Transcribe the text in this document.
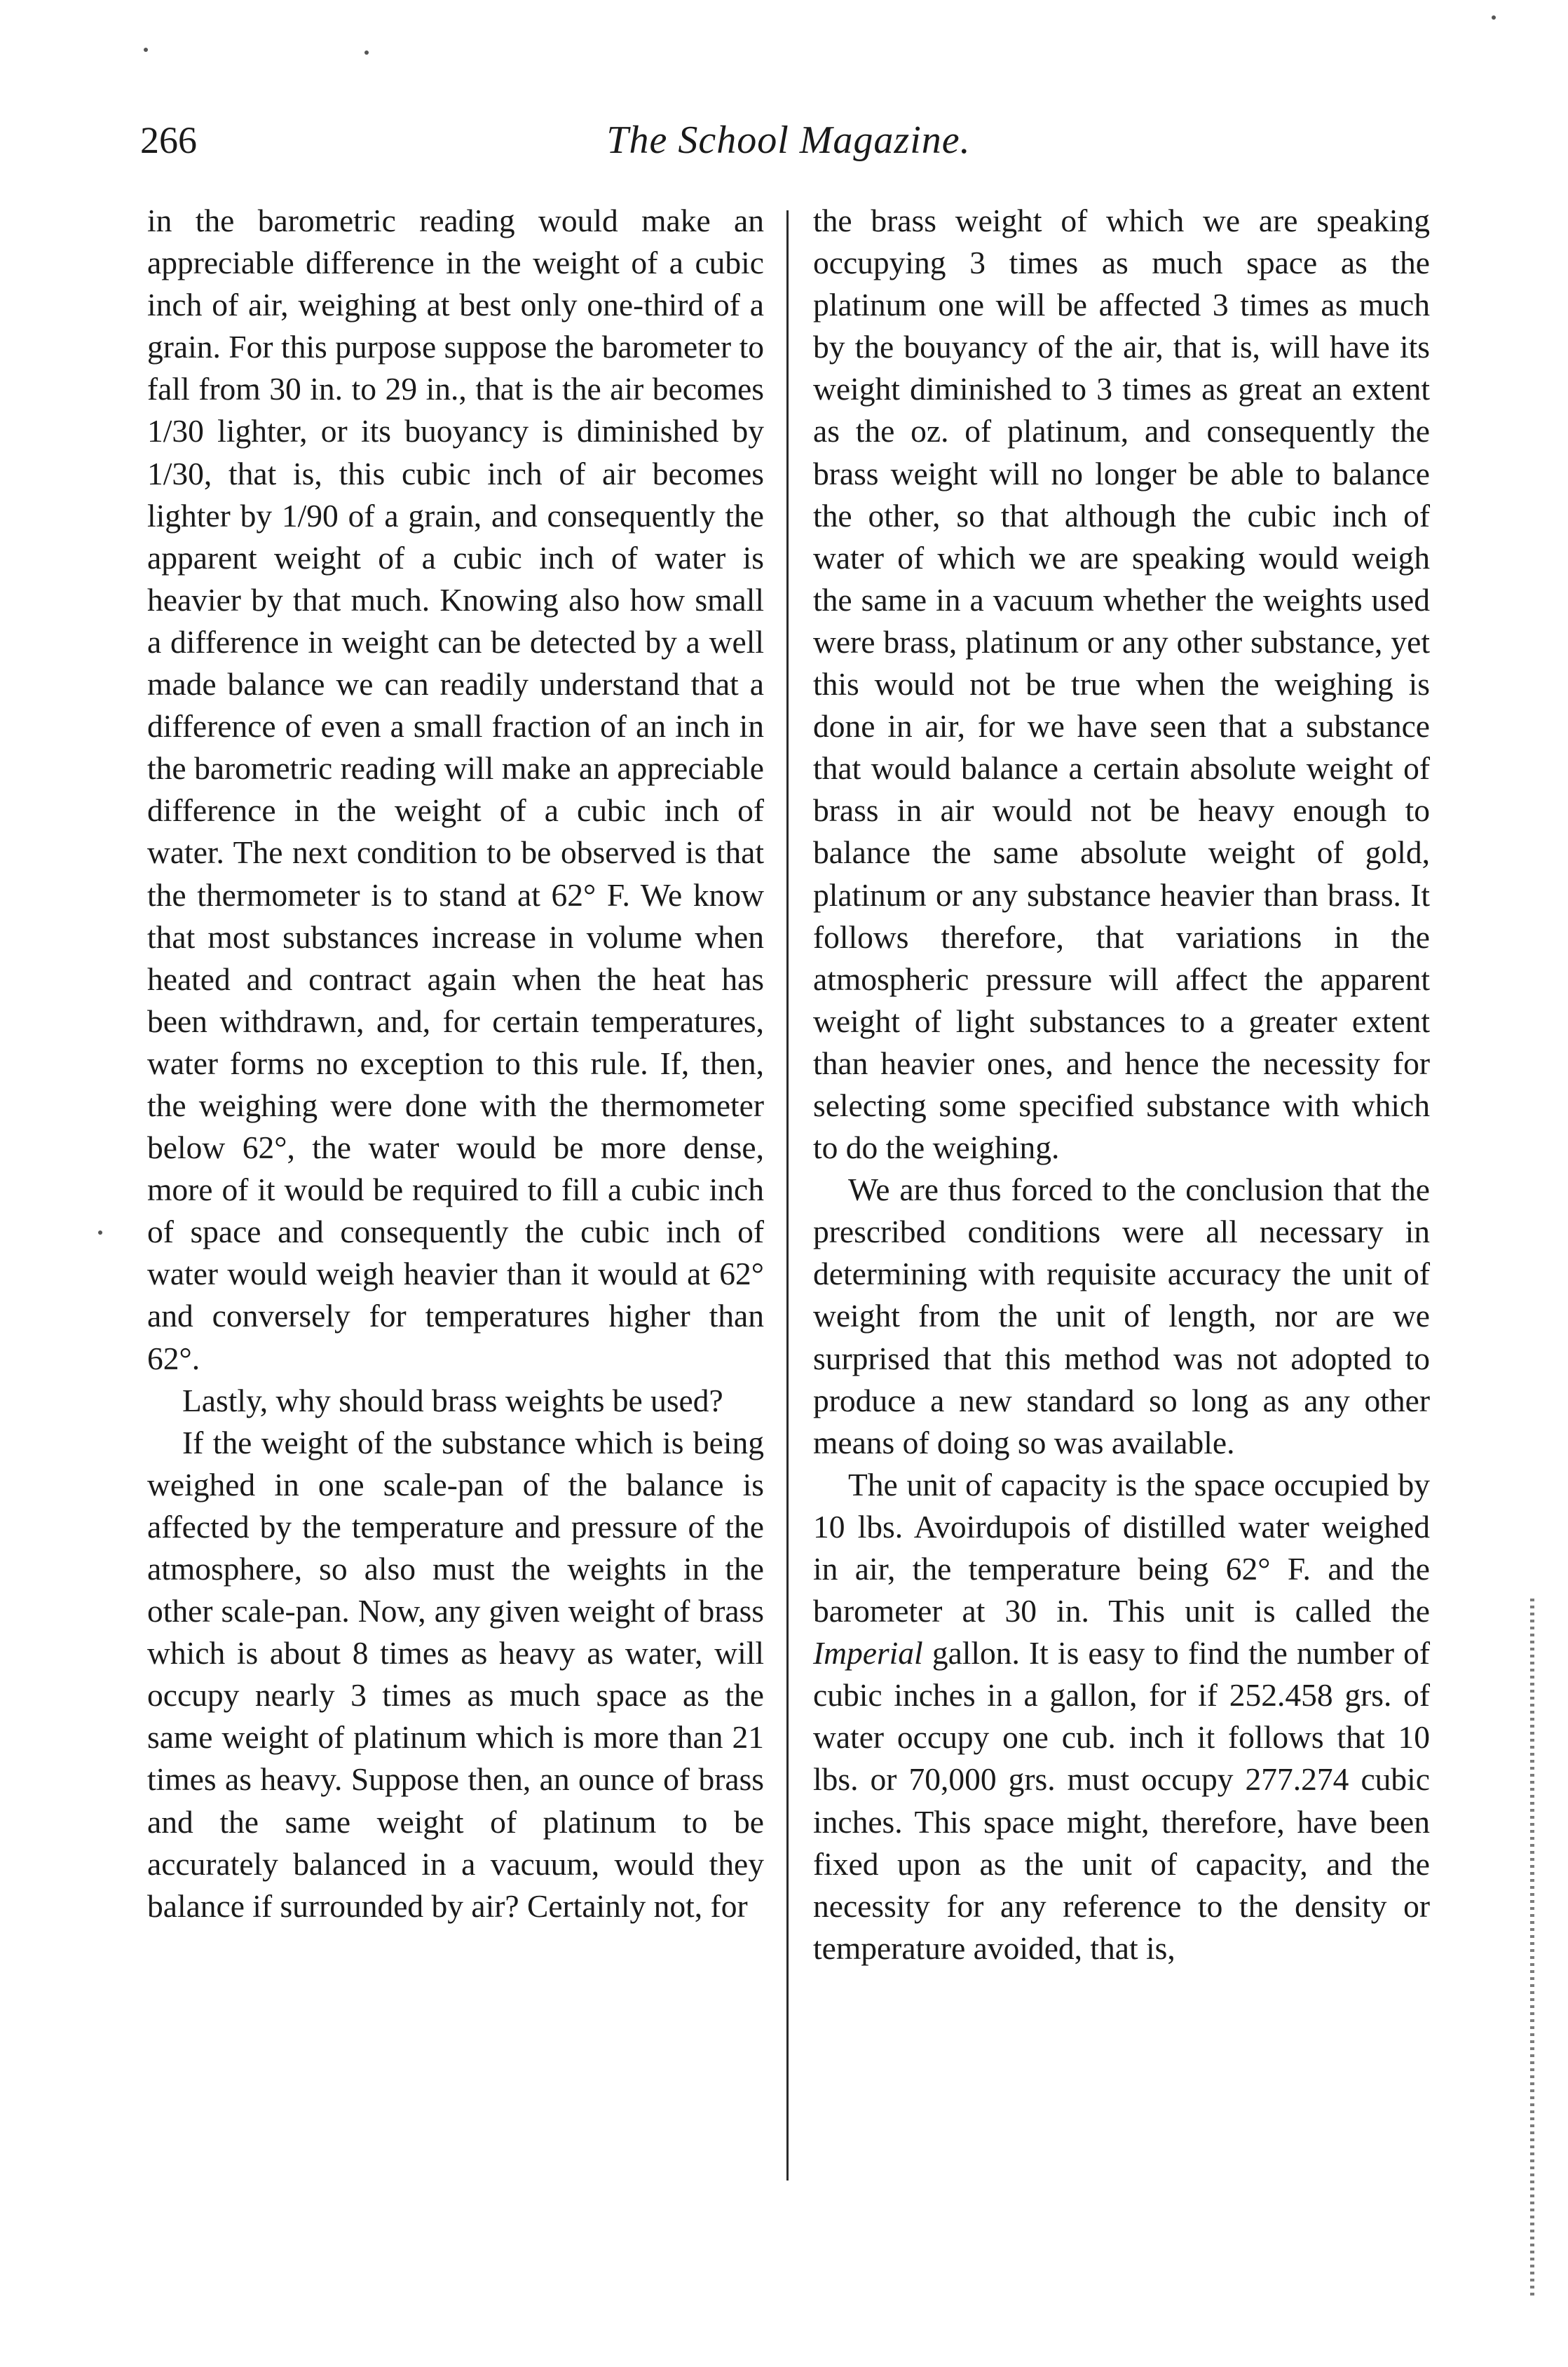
266	The School Magazine.

in the barometric reading would make an appreciable difference in the weight of a cubic inch of air, weighing at best only one-third of a grain. For this purpose suppose the barometer to fall from 30 in. to 29 in., that is the air becomes 1/30 lighter, or its buoyancy is diminished by 1/30, that is, this cubic inch of air becomes lighter by 1/90 of a grain, and consequently the apparent weight of a cubic inch of water is heavier by that much. Knowing also how small a difference in weight can be detected by a well made balance we can readily understand that a difference of even a small fraction of an inch in the barometric reading will make an appreciable difference in the weight of a cubic inch of water. The next condition to be observed is that the thermometer is to stand at 62° F. We know that most substances increase in volume when heated and contract again when the heat has been withdrawn, and, for certain temperatures, water forms no exception to this rule. If, then, the weighing were done with the thermometer below 62°, the water would be more dense, more of it would be required to fill a cubic inch of space and consequently the cubic inch of water would weigh heavier than it would at 62° and conversely for temperatures higher than 62°.

Lastly, why should brass weights be used?

If the weight of the substance which is being weighed in one scale-pan of the balance is affected by the temperature and pressure of the atmosphere, so also must the weights in the other scale-pan. Now, any given weight of brass which is about 8 times as heavy as water, will occupy nearly 3 times as much space as the same weight of platinum which is more than 21 times as heavy. Suppose then, an ounce of brass and the same weight of platinum to be accurately balanced in a vacuum, would they balance if surrounded by air? Certainly not, for

the brass weight of which we are speaking occupying 3 times as much space as the platinum one will be affected 3 times as much by the bouyancy of the air, that is, will have its weight diminished to 3 times as great an extent as the oz. of platinum, and consequently the brass weight will no longer be able to balance the other, so that although the cubic inch of water of which we are speaking would weigh the same in a vacuum whether the weights used were brass, platinum or any other substance, yet this would not be true when the weighing is done in air, for we have seen that a substance that would balance a certain absolute weight of brass in air would not be heavy enough to balance the same absolute weight of gold, platinum or any substance heavier than brass. It follows therefore, that variations in the atmospheric pressure will affect the apparent weight of light substances to a greater extent than heavier ones, and hence the necessity for selecting some specified substance with which to do the weighing.

We are thus forced to the conclusion that the prescribed conditions were all necessary in determining with requisite accuracy the unit of weight from the unit of length, nor are we surprised that this method was not adopted to produce a new standard so long as any other means of doing so was available.

The unit of capacity is the space occupied by 10 lbs. Avoirdupois of distilled water weighed in air, the temperature being 62° F. and the barometer at 30 in. This unit is called the Imperial gallon. It is easy to find the number of cubic inches in a gallon, for if 252.458 grs. of water occupy one cub. inch it follows that 10 lbs. or 70,000 grs. must occupy 277.274 cubic inches. This space might, therefore, have been fixed upon as the unit of capacity, and the necessity for any reference to the density or temperature avoided, that is,
